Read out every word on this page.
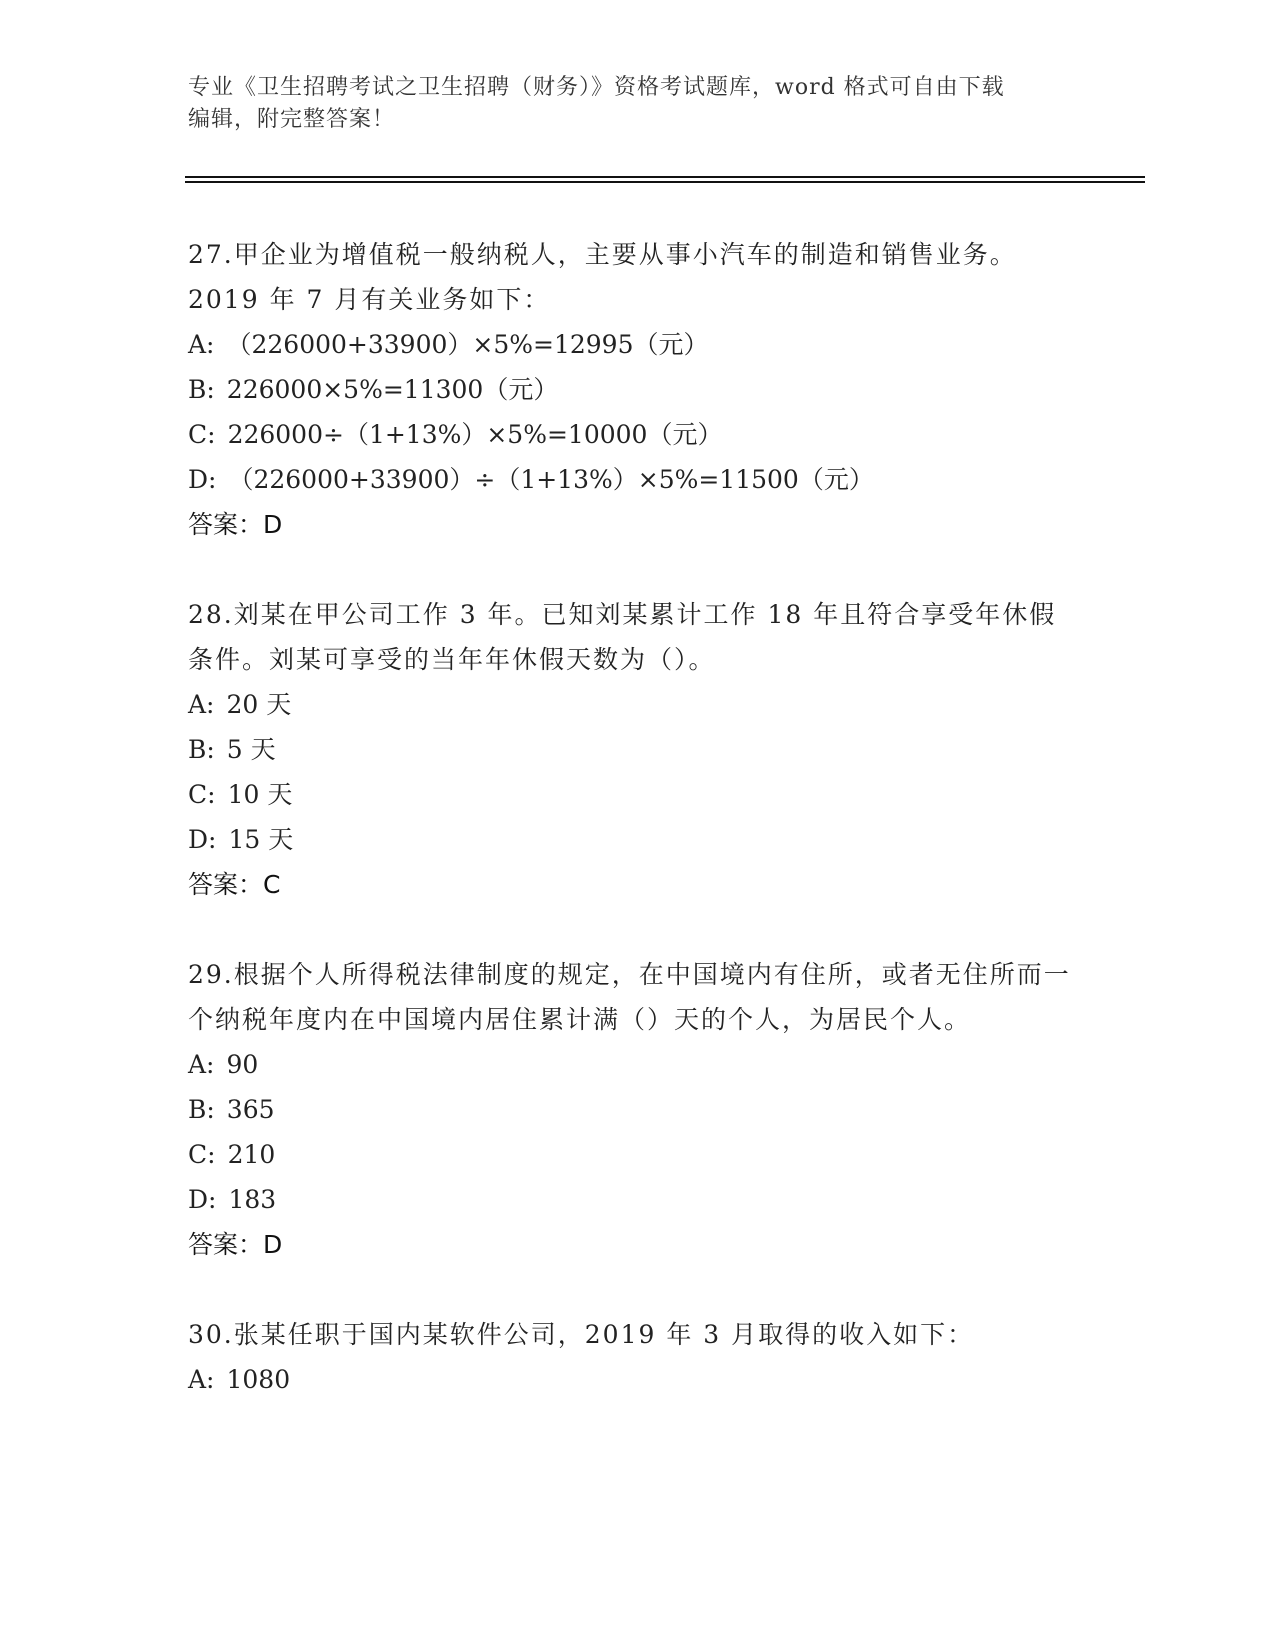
专业《卫生招聘考试之卫生招聘（财务）》资格考试题库，word 格式可自由下载
编辑，附完整答案！

27.甲企业为增值税一般纳税人，主要从事小汽车的制造和销售业务。2019 年 7 月有关业务如下：

A: （226000+33900）×5%=12995（元）

B: 226000×5%=11300（元）

C: 226000÷（1+13%）×5%=10000（元）

D: （226000+33900）÷（1+13%）×5%=11500（元）

答案：D

28.刘某在甲公司工作 3 年。已知刘某累计工作 18 年且符合享受年休假条件。刘某可享受的当年年休假天数为（）。

A: 20 天

B: 5 天

C: 10 天

D: 15 天

答案：C

29.根据个人所得税法律制度的规定，在中国境内有住所，或者无住所而一个纳税年度内在中国境内居住累计满（）天的个人，为居民个人。

A: 90

B: 365

C: 210

D: 183

答案：D

30.张某任职于国内某软件公司，2019 年 3 月取得的收入如下：

A: 1080
